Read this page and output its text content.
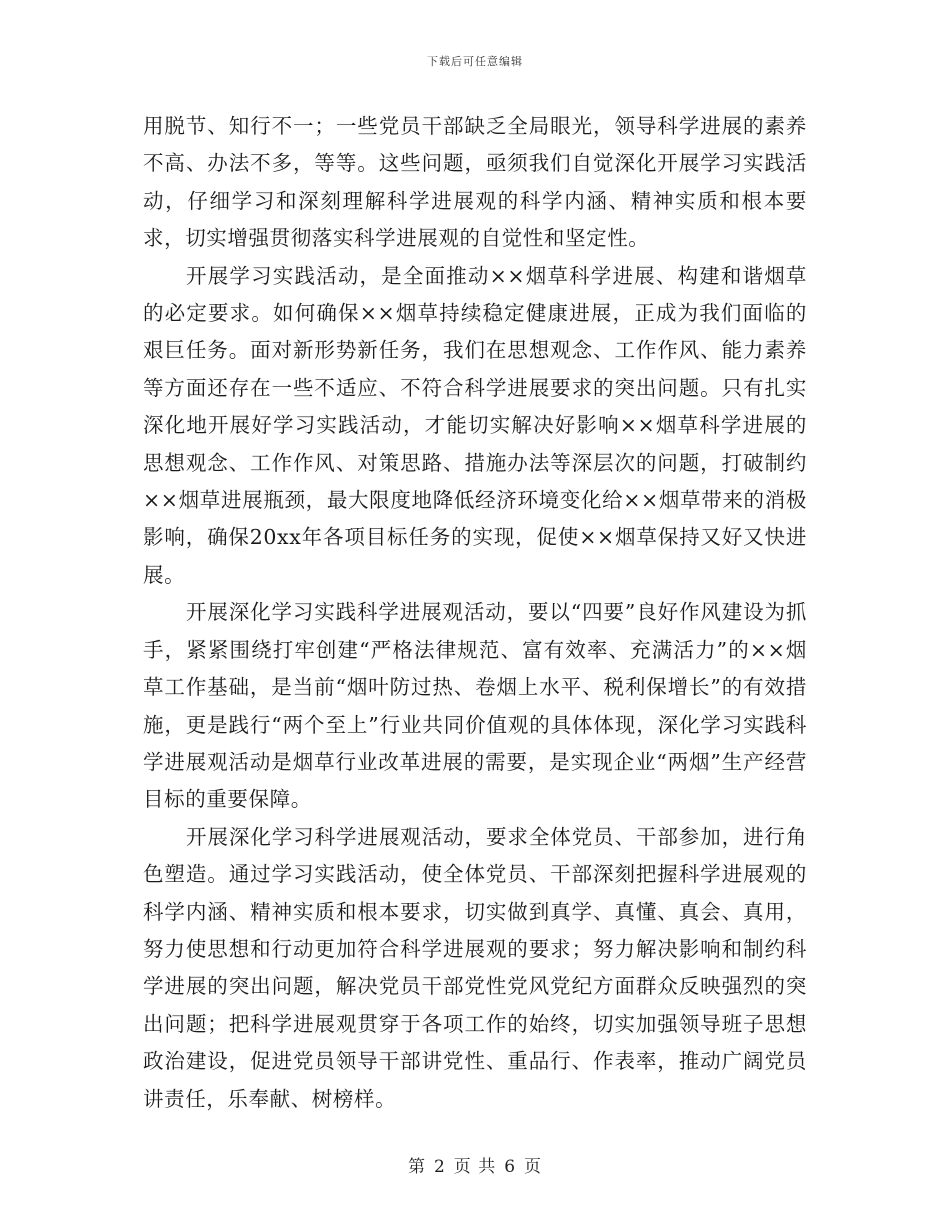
下载后可任意编辑

用脱节、知行不一；一些党员干部缺乏全局眼光，领导科学进展的素养不高、办法不多，等等。这些问题，亟须我们自觉深化开展学习实践活动，仔细学习和深刻理解科学进展观的科学内涵、精神实质和根本要求，切实增强贯彻落实科学进展观的自觉性和坚定性。

开展学习实践活动，是全面推动××烟草科学进展、构建和谐烟草的必定要求。如何确保××烟草持续稳定健康进展，正成为我们面临的艰巨任务。面对新形势新任务，我们在思想观念、工作作风、能力素养等方面还存在一些不适应、不符合科学进展要求的突出问题。只有扎实深化地开展好学习实践活动，才能切实解决好影响××烟草科学进展的思想观念、工作作风、对策思路、措施办法等深层次的问题，打破制约××烟草进展瓶颈，最大限度地降低经济环境变化给××烟草带来的消极影响，确保20xx年各项目标任务的实现，促使××烟草保持又好又快进展。

开展深化学习实践科学进展观活动，要以“四要”良好作风建设为抓手，紧紧围绕打牢创建“严格法律规范、富有效率、充满活力”的××烟草工作基础，是当前“烟叶防过热、卷烟上水平、税利保增长”的有效措施，更是践行“两个至上”行业共同价值观的具体体现，深化学习实践科学进展观活动是烟草行业改革进展的需要，是实现企业“两烟”生产经营目标的重要保障。

开展深化学习科学进展观活动，要求全体党员、干部参加，进行角色塑造。通过学习实践活动，使全体党员、干部深刻把握科学进展观的科学内涵、精神实质和根本要求，切实做到真学、真懂、真会、真用，努力使思想和行动更加符合科学进展观的要求；努力解决影响和制约科学进展的突出问题，解决党员干部党性党风党纪方面群众反映强烈的突出问题；把科学进展观贯穿于各项工作的始终，切实加强领导班子思想政治建设，促进党员领导干部讲党性、重品行、作表率，推动广阔党员讲责任，乐奉献、树榜样。

第 2 页 共 6 页
